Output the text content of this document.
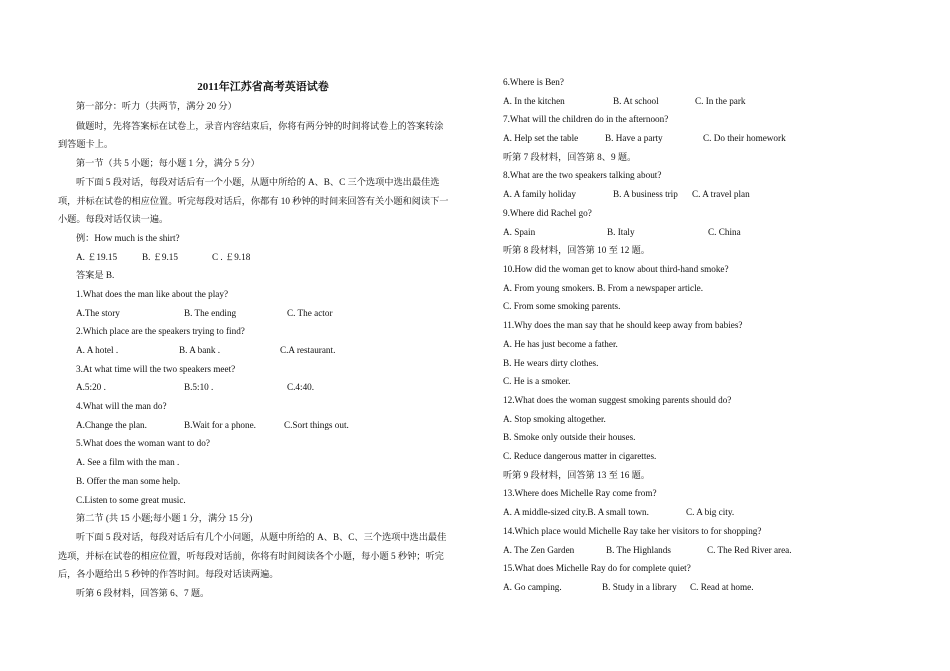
2011年江苏省高考英语试卷
第一部分：听力（共两节，满分 20 分）
做题时，先将答案标在试卷上，录音内容结束后，你将有两分钟的时间将试卷上的答案转涂
到答题卡上。
第一节（共 5 小题；每小题 1 分，满分 5 分）
听下面 5 段对话，每段对话后有一个小题，从题中所给的 A、B、C 三个选项中选出最佳选
项，并标在试卷的相应位置。听完每段对话后，你都有 10 秒钟的时间来回答有关小题和阅读下一
小题。每段对话仅读一遍。
例：How much is the shirt?
A. ￡19.15	B. ￡9.15	C . ￡9.18
答案是 B.
1.What does the man like about the play?
A.The story	B. The ending	C. The actor
2.Which place are the speakers trying to find?
A. A hotel .	B. A bank .	C.A restaurant.
3.At what time will the two speakers meet?
A.5:20 .	B.5:10 .	C.4:40.
4.What will the man do?
A.Change the plan.	B.Wait for a phone.	C.Sort things out.
5.What does the woman want to do?
A. See a film with the man .
B. Offer the man some help.
C.Listen to some great music.
第二节 (共 15 小题;每小题 1 分，满分 15 分)
听下面 5 段对话，每段对话后有几个小问题，从题中所给的 A、B、C、三个选项中选出最佳
选项，并标在试卷的相应位置，听每段对话前，你将有时间阅读各个小题，每小题 5 秒钟；听完
后，各小题给出 5 秒钟的作答时间。每段对话读两遍。
听第 6 段材料，回答第 6、7 题。
6.Where is Ben?
A. In the kitchen	B. At school	C. In the park
7.What will the children do in the afternoon?
A. Help set the table	B. Have a party	C. Do their homework
听第 7 段材料，回答第 8、9 题。
8.What are the two speakers talking about?
A. A family holiday	B. A business trip C. A travel plan
9.Where did Rachel go?
A. Spain	B. Italy	C. China
听第 8 段材料，回答第 10 至 12 题。
10.How did the woman get to know about third-hand smoke?
A. From young smokers. B. From a newspaper article.
C. From some smoking parents.
11.Why does the man say that he should keep away from babies?
A. He has just become a father.
B. He wears dirty clothes.
C. He is a smoker.
12.What does the woman suggest smoking parents should do?
A. Stop smoking altogether.
B. Smoke only outside their houses.
C. Reduce dangerous matter in cigarettes.
听第 9 段材料，回答第 13 至 16 题。
13.Where does Michelle Ray come from?
A. A middle-sized city.B. A small town.	C. A big city.
14.Which place would Michelle Ray take her visitors to for shopping?
A. The Zen Garden	B. The Highlands	C. The Red River area.
15.What does Michelle Ray do for complete quiet?
A. Go camping.	B. Study in a library C. Read at home.
